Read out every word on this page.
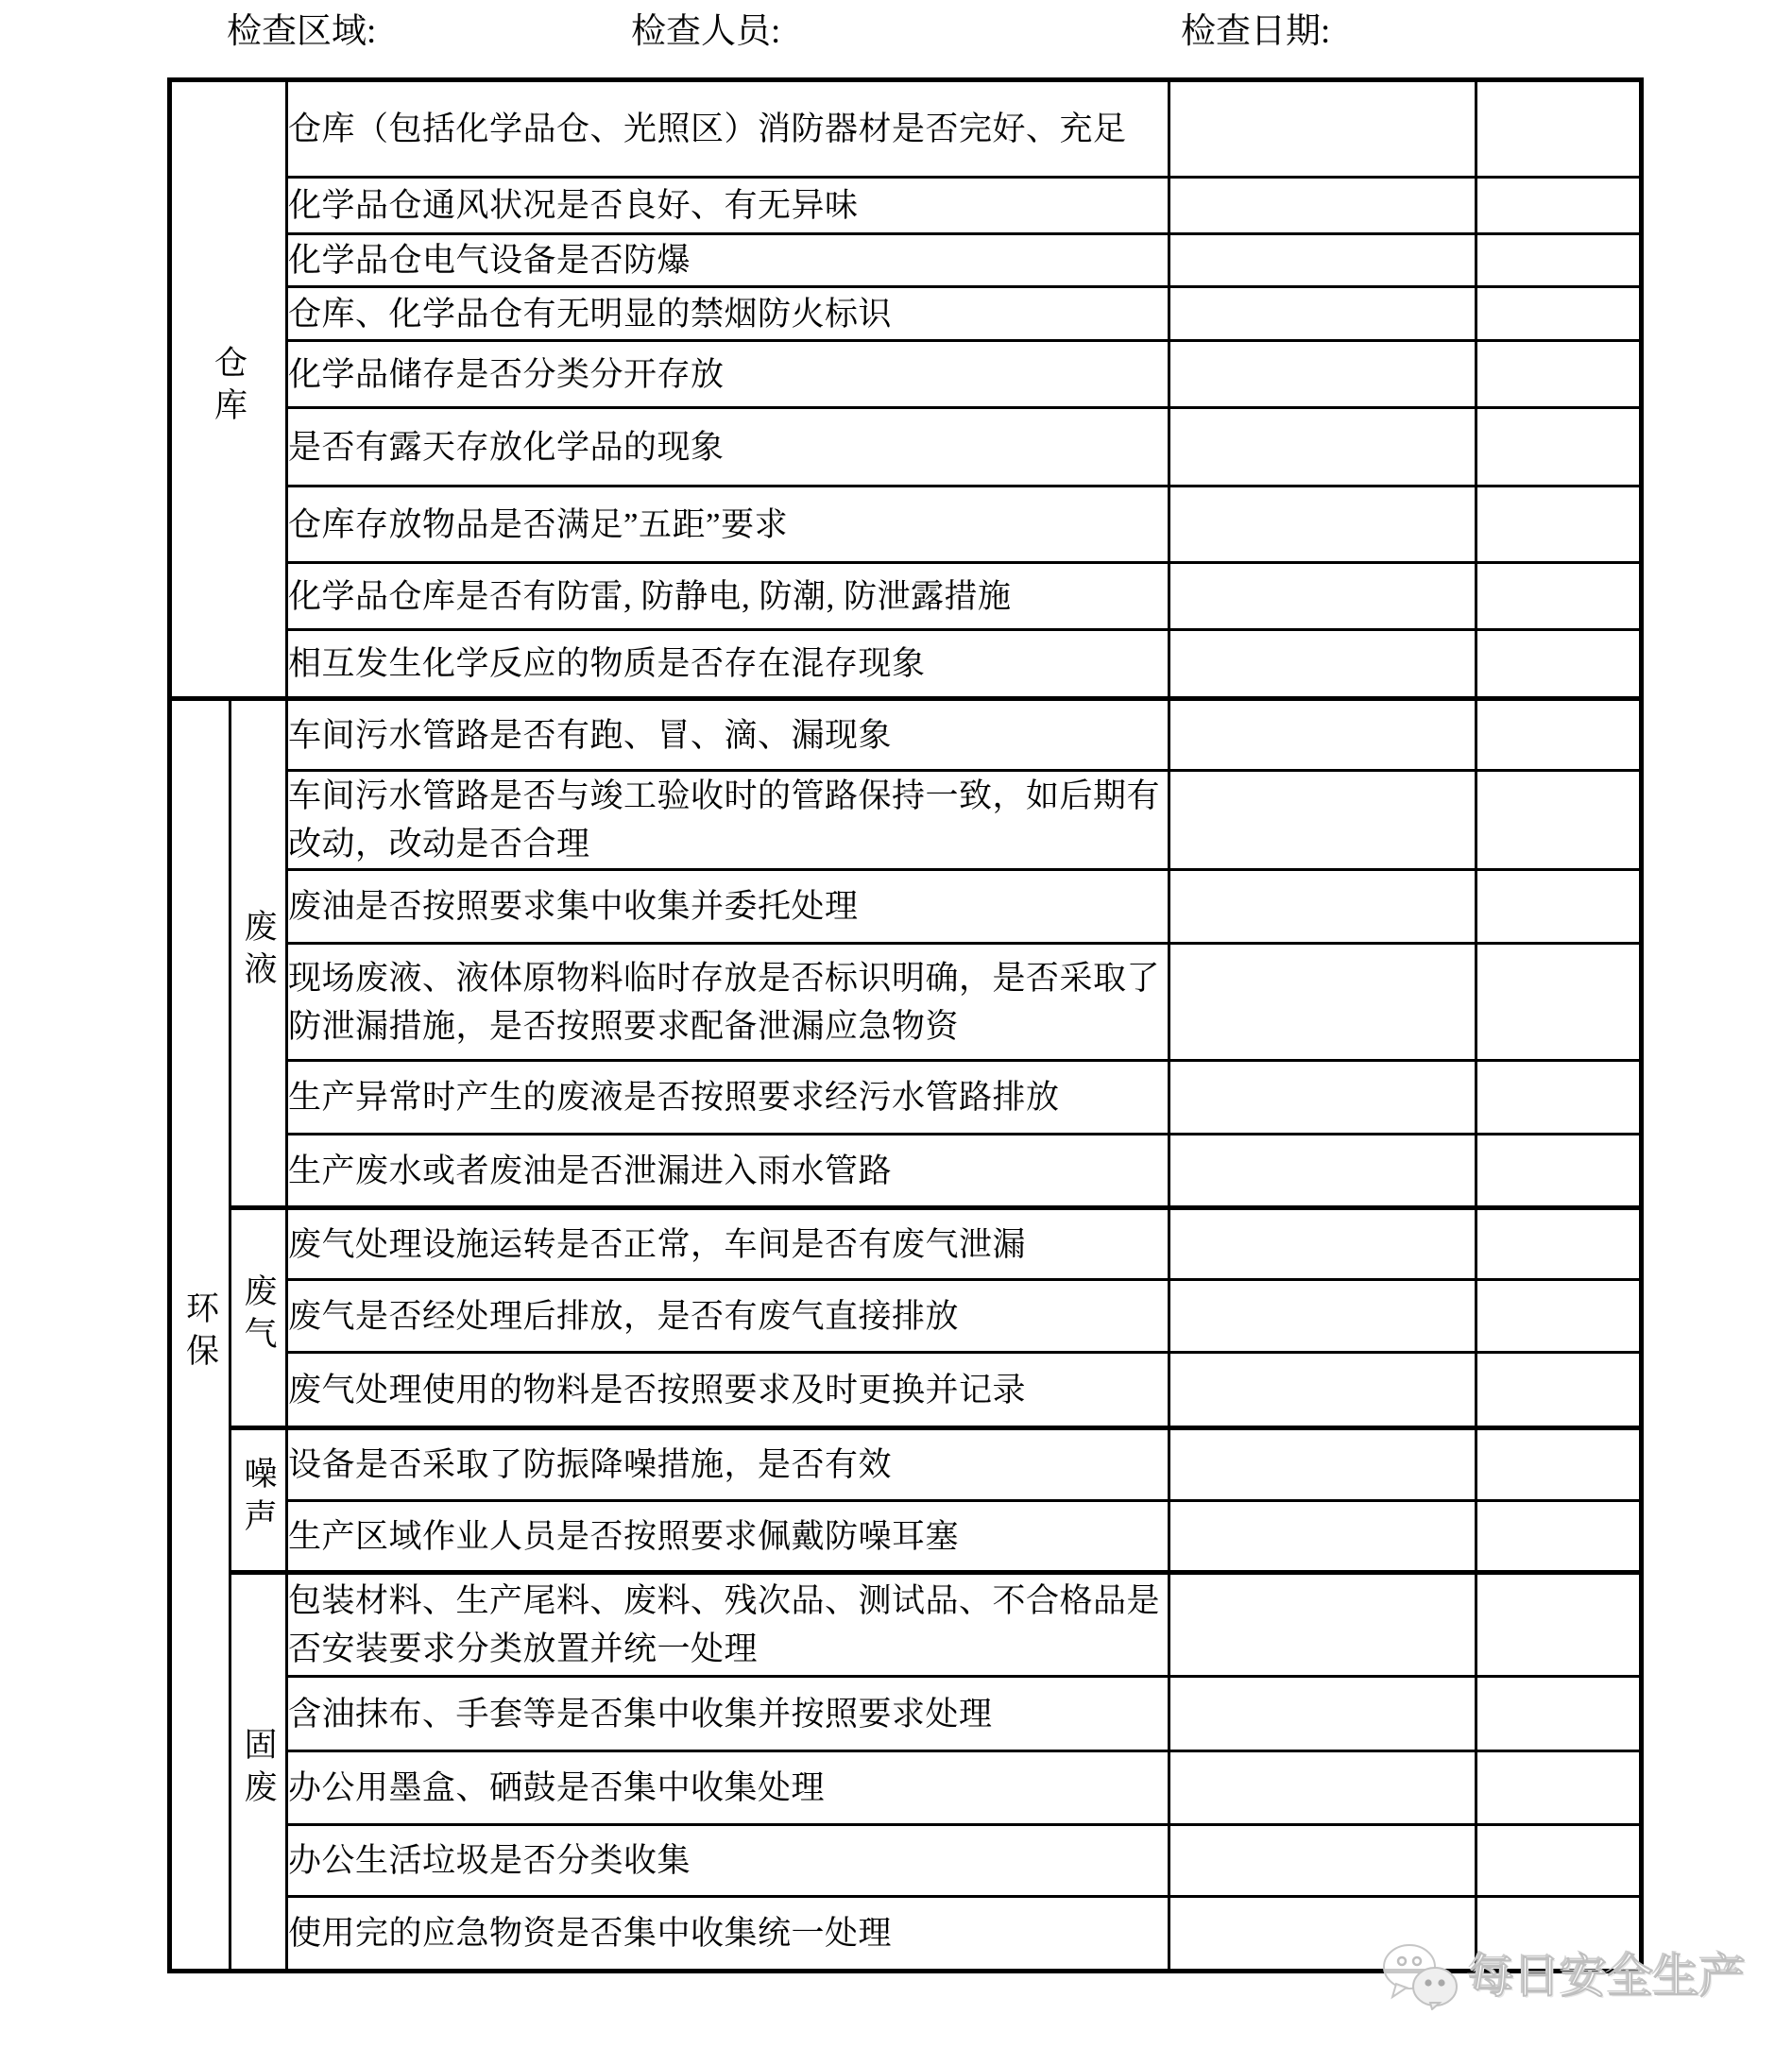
检查区域:	检查人员:	检查日期:
仓库		仓库（包括化学品仓、光照区）消防器材是否完好、充足		
		化学品仓通风状况是否良好、有无异味		
		化学品仓电气设备是否防爆		
		仓库、化学品仓有无明显的禁烟防火标识		
		化学品储存是否分类分开存放		
		是否有露天存放化学品的现象		
		仓库存放物品是否满足”五距”要求		
		化学品仓库是否有防雷, 防静电, 防潮, 防泄露措施		
		相互发生化学反应的物质是否存在混存现象		
环保	废液	车间污水管路是否有跑、冒、滴、漏现象		
		车间污水管路是否与竣工验收时的管路保持一致，如后期有改动，改动是否合理		
		废油是否按照要求集中收集并委托处理		
		现场废液、液体原物料临时存放是否标识明确，是否采取了防泄漏措施，是否按照要求配备泄漏应急物资		
		生产异常时产生的废液是否按照要求经污水管路排放		
		生产废水或者废油是否泄漏进入雨水管路		
	废气	废气处理设施运转是否正常，车间是否有废气泄漏		
		废气是否经处理后排放，是否有废气直接排放		
		废气处理使用的物料是否按照要求及时更换并记录		
	噪声	设备是否采取了防振降噪措施，是否有效		
		生产区域作业人员是否按照要求佩戴防噪耳塞		
	固废	包装材料、生产尾料、废料、残次品、测试品、不合格品是否安装要求分类放置并统一处理		
		含油抹布、手套等是否集中收集并按照要求处理		
		办公用墨盒、硒鼓是否集中收集处理		
		办公生活垃圾是否分类收集		
		使用完的应急物资是否集中收集统一处理		
每日安全生产
